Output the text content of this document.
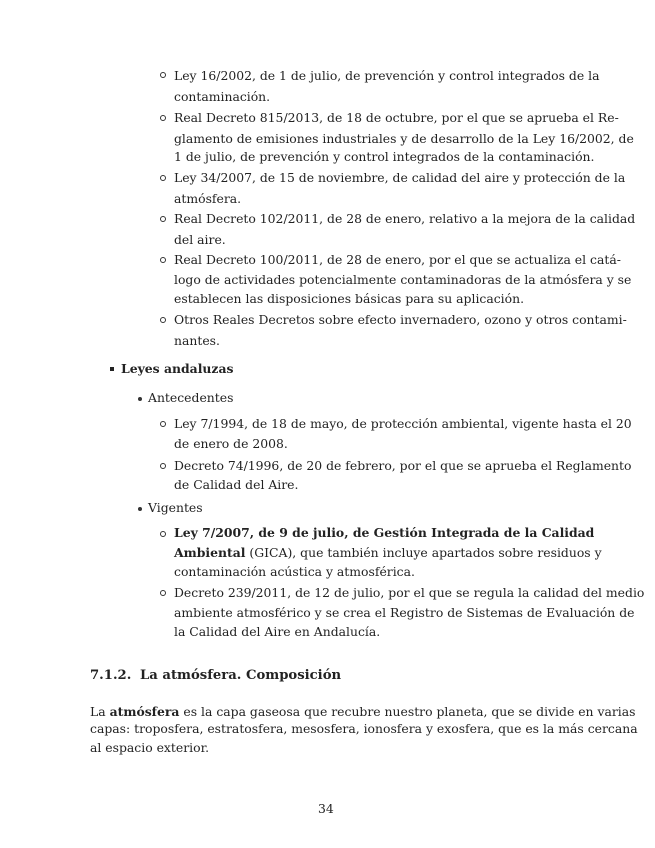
Ley 16/2002, de 1 de julio, de prevención y control integrados de la
contaminación.
Real Decreto 815/2013, de 18 de octubre, por el que se aprueba el Re-
glamento de emisiones industriales y de desarrollo de la Ley 16/2002, de
1 de julio, de prevención y control integrados de la contaminación.
Ley 34/2007, de 15 de noviembre, de calidad del aire y protección de la
atmósfera.
Real Decreto 102/2011, de 28 de enero, relativo a la mejora de la calidad
del aire.
Real Decreto 100/2011, de 28 de enero, por el que se actualiza el catá-
logo de actividades potencialmente contaminadoras de la atmósfera y se
establecen las disposiciones básicas para su aplicación.
Otros Reales Decretos sobre efecto invernadero, ozono y otros contami-
nantes.
Leyes andaluzas
Antecedentes
Ley 7/1994, de 18 de mayo, de protección ambiental, vigente hasta el 20
de enero de 2008.
Decreto 74/1996, de 20 de febrero, por el que se aprueba el Reglamento
de Calidad del Aire.
Vigentes
Ley 7/2007, de 9 de julio, de Gestión Integrada de la Calidad
Ambiental (GICA), que también incluye apartados sobre residuos y
contaminación acústica y atmosférica.
Decreto 239/2011, de 12 de julio, por el que se regula la calidad del medio
ambiente atmosférico y se crea el Registro de Sistemas de Evaluación de
la Calidad del Aire en Andalucía.
7.1.2. La atmósfera. Composición
La atmósfera es la capa gaseosa que recubre nuestro planeta, que se divide en varias
capas: troposfera, estratosfera, mesosfera, ionosfera y exosfera, que es la más cercana
al espacio exterior.
34
